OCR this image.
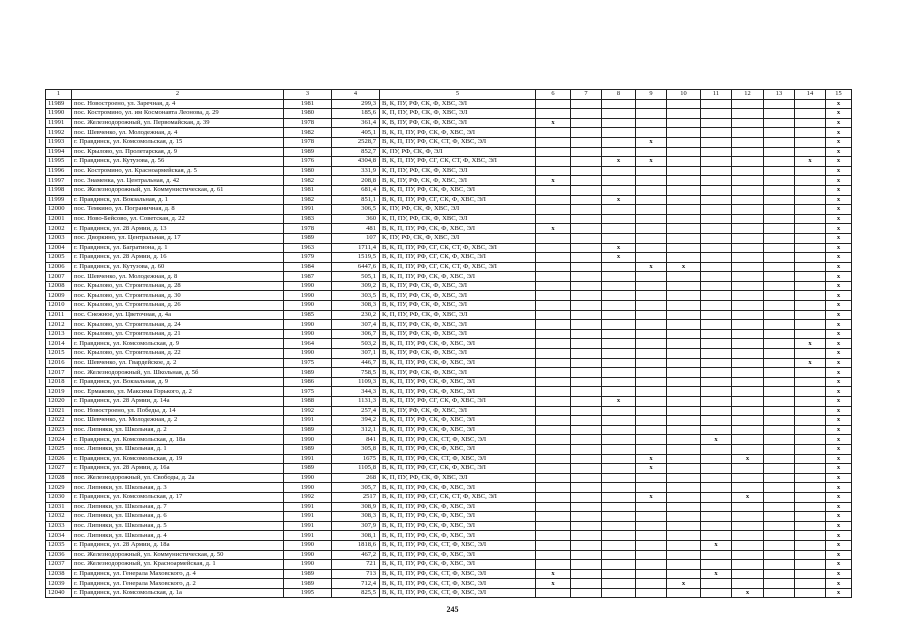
1	2	3	4	5	6	7	8	9	10	11	12	13	14	15
11989	пос. Новостроено, ул. Заречная, д. 4	1981	299,3	В, К, ПУ, РФ, СК, Ф, ХВС, ЭЛ										x
11990	пос. Костромино, ул. им Космонавта Леонова, д. 29	1980	185,6	К, П, ПУ, РФ, СК, Ф, ХВС, ЭЛ										x
11991	пос. Железнодорожный, ул. Первомайская, д. 39	1978	361,4	К, В, ПУ, РФ, СК, Ф, ХВС, ЭЛ	x									x
11992	пос. Шевченко, ул. Молодежная, д. 4	1982	405,1	В, К, П, ПУ, РФ, СК, Ф, ХВС, ЭЛ										x
11993	г. Правдинск, ул. Комсомольская, д. 15	1978	2528,7	В, К, П, ПУ, РФ, СК, СТ, Ф, ХВС, ЭЛ				x						x
11994	пос. Крылово, ул. Пролетарская, д. 9	1989	852,7	К, ПУ, РФ, СК, Ф, ЭЛ										x
11995	г. Правдинск, ул. Кутузова, д. 56	1976	4304,8	В, К, П, ПУ, РФ, СГ, СК, СТ, Ф, ХВС, ЭЛ			x	x					x	x
11996	пос. Костромино, ул. Красноармейская, д. 5	1980	331,9	К, П, ПУ, РФ, СК, Ф, ХВС, ЭЛ										x
11997	пос. Знаменка, ул. Центральная, д. 42	1982	208,8	В, К, ПУ, РФ, СК, Ф, ХВС, ЭЛ	x									x
11998	пос. Железнодорожный, ул. Коммунистическая, д. 61	1981	681,4	В, К, П, ПУ, РФ, СК, Ф, ХВС, ЭЛ										x
11999	г. Правдинск, ул. Вокзальная, д. 1	1982	851,1	В, К, П, ПУ, РФ, СГ, СК, Ф, ХВС, ЭЛ			x							x
12000	пос. Темкино, ул. Пограничная, д. 8	1991	306,5	К, ПУ, РФ, СК, Ф, ХВС, ЭЛ										x
12001	пос. Ново-Бейсово, ул. Советская, д. 22	1983	360	К, П, ПУ, РФ, СК, Ф, ХВС, ЭЛ										x
12002	г. Правдинск, ул. 28 Армии, д. 13	1978	481	В, К, П, ПУ, РФ, СК, Ф, ХВС, ЭЛ	x									x
12003	пос. Дворкино, ул. Центральная, д. 17	1989	107	К, ПУ, РФ, СК, Ф, ХВС, ЭЛ										x
12004	г. Правдинск, ул. Багратиона, д. 1	1963	1711,4	В, К, П, ПУ, РФ, СГ, СК, СТ, Ф, ХВС, ЭЛ			x							x
12005	г. Правдинск, ул. 28 Армии, д. 16	1979	1519,5	В, К, П, ПУ, РФ, СГ, СК, Ф, ХВС, ЭЛ			x							x
12006	г. Правдинск, ул. Кутузова, д. 60	1984	6447,6	В, К, П, ПУ, РФ, СГ, СК, СТ, Ф, ХВС, ЭЛ				x	x					x
12007	пос. Шевченко, ул. Молодежная, д. 8	1987	505,1	В, К, П, ПУ, РФ, СК, Ф, ХВС, ЭЛ										x
12008	пос. Крылово, ул. Строительная, д. 28	1990	309,2	В, К, ПУ, РФ, СК, Ф, ХВС, ЭЛ										x
12009	пос. Крылово, ул. Строительная, д. 30	1990	303,5	В, К, ПУ, РФ, СК, Ф, ХВС, ЭЛ										x
12010	пос. Крылово, ул. Строительная, д. 26	1990	308,3	В, К, ПУ, РФ, СК, Ф, ХВС, ЭЛ										x
12011	пос. Снежное, ул. Цветочная, д. 4а	1985	230,2	К, П, ПУ, РФ, СК, Ф, ХВС, ЭЛ										x
12012	пос. Крылово, ул. Строительная, д. 24	1990	307,4	В, К, ПУ, РФ, СК, Ф, ХВС, ЭЛ										x
12013	пос. Крылово, ул. Строительная, д. 21	1990	306,7	В, К, ПУ, РФ, СК, Ф, ХВС, ЭЛ										x
12014	г. Правдинск, ул. Комсомольская, д. 9	1964	503,2	В, К, П, ПУ, РФ, СК, Ф, ХВС, ЭЛ									x	x
12015	пос. Крылово, ул. Строительная, д. 22	1990	307,1	В, К, ПУ, РФ, СК, Ф, ХВС, ЭЛ										x
12016	пос. Шевченко, ул. Гвардейское, д. 2	1975	446,7	В, К, П, ПУ, РФ, СК, Ф, ХВС, ЭЛ									x	x
12017	пос. Железнодорожный, ул. Школьная, д. 5б	1989	758,5	В, К, ПУ, РФ, СК, Ф, ХВС, ЭЛ										x
12018	г. Правдинск, ул. Вокзальная, д. 9	1986	1109,3	В, К, П, ПУ, РФ, СК, Ф, ХВС, ЭЛ										x
12019	пос. Ермаково, ул. Максима Горького, д. 2	1975	344,3	В, К, П, ПУ, РФ, СК, Ф, ХВС, ЭЛ										x
12020	г. Правдинск, ул. 28 Армии, д. 14а	1988	1131,3	В, К, П, ПУ, РФ, СГ, СК, Ф, ХВС, ЭЛ			x							x
12021	пос. Новостроено, ул. Победы, д. 14	1992	257,4	В, К, ПУ, РФ, СК, Ф, ХВС, ЭЛ										x
12022	пос. Шевченко, ул. Молодежная, д. 2	1991	394,2	В, К, П, ПУ, РФ, СК, Ф, ХВС, ЭЛ										x
12023	пос. Липняки, ул. Школьная, д. 2	1989	312,1	В, К, П, ПУ, РФ, СК, Ф, ХВС, ЭЛ										x
12024	г. Правдинск, ул. Комсомольская, д. 18а	1990	841	В, К, П, ПУ, РФ, СК, СТ, Ф, ХВС, ЭЛ						x				x
12025	пос. Липняки, ул. Школьная, д. 1	1989	305,8	В, К, П, ПУ, РФ, СК, Ф, ХВС, ЭЛ										x
12026	г. Правдинск, ул. Комсомольская, д. 19	1991	1675	В, К, П, ПУ, РФ, СК, СТ, Ф, ХВС, ЭЛ				x			x			x
12027	г. Правдинск, ул. 28 Армии, д. 16а	1989	1105,8	В, К, П, ПУ, РФ, СГ, СК, Ф, ХВС, ЭЛ				x						x
12028	пос. Железнодорожный, ул. Свободы, д. 2а	1990	268	К, П, ПУ, РФ, СК, Ф, ХВС, ЭЛ										x
12029	пос. Липняки, ул. Школьная, д. 3	1990	305,7	В, К, П, ПУ, РФ, СК, Ф, ХВС, ЭЛ										x
12030	г. Правдинск, ул. Комсомольская, д. 17	1992	2517	В, К, П, ПУ, РФ, СГ, СК, СТ, Ф, ХВС, ЭЛ				x			x			x
12031	пос. Липняки, ул. Школьная, д. 7	1991	308,9	В, К, П, ПУ, РФ, СК, Ф, ХВС, ЭЛ										x
12032	пос. Липняки, ул. Школьная, д. 6	1991	308,3	В, К, П, ПУ, РФ, СК, Ф, ХВС, ЭЛ										x
12033	пос. Липняки, ул. Школьная, д. 5	1991	307,9	В, К, П, ПУ, РФ, СК, Ф, ХВС, ЭЛ										x
12034	пос. Липняки, ул. Школьная, д. 4	1991	308,1	В, К, П, ПУ, РФ, СК, Ф, ХВС, ЭЛ										x
12035	г. Правдинск, ул. 28 Армии, д. 18а	1990	1818,6	В, К, П, ПУ, РФ, СК, СТ, Ф, ХВС, ЭЛ						x				x
12036	пос. Железнодорожный, ул. Коммунистическая, д. 50	1990	467,2	В, К, П, ПУ, РФ, СК, Ф, ХВС, ЭЛ										x
12037	пос. Железнодорожный, ул. Красноармейская, д. 1	1990	721	В, К, П, ПУ, РФ, СК, Ф, ХВС, ЭЛ										x
12038	г. Правдинск, ул. Генерала Маховского, д. 4	1989	713	В, К, П, ПУ, РФ, СК, СТ, Ф, ХВС, ЭЛ	x					x				x
12039	г. Правдинск, ул. Генерала Маховского, д. 2	1989	712,4	В, К, П, ПУ, РФ, СК, СТ, Ф, ХВС, ЭЛ	x				x					x
12040	г. Правдинск, ул. Комсомольская, д. 1а	1995	825,5	В, К, П, ПУ, РФ, СК, СТ, Ф, ХВС, ЭЛ							x			x
245
